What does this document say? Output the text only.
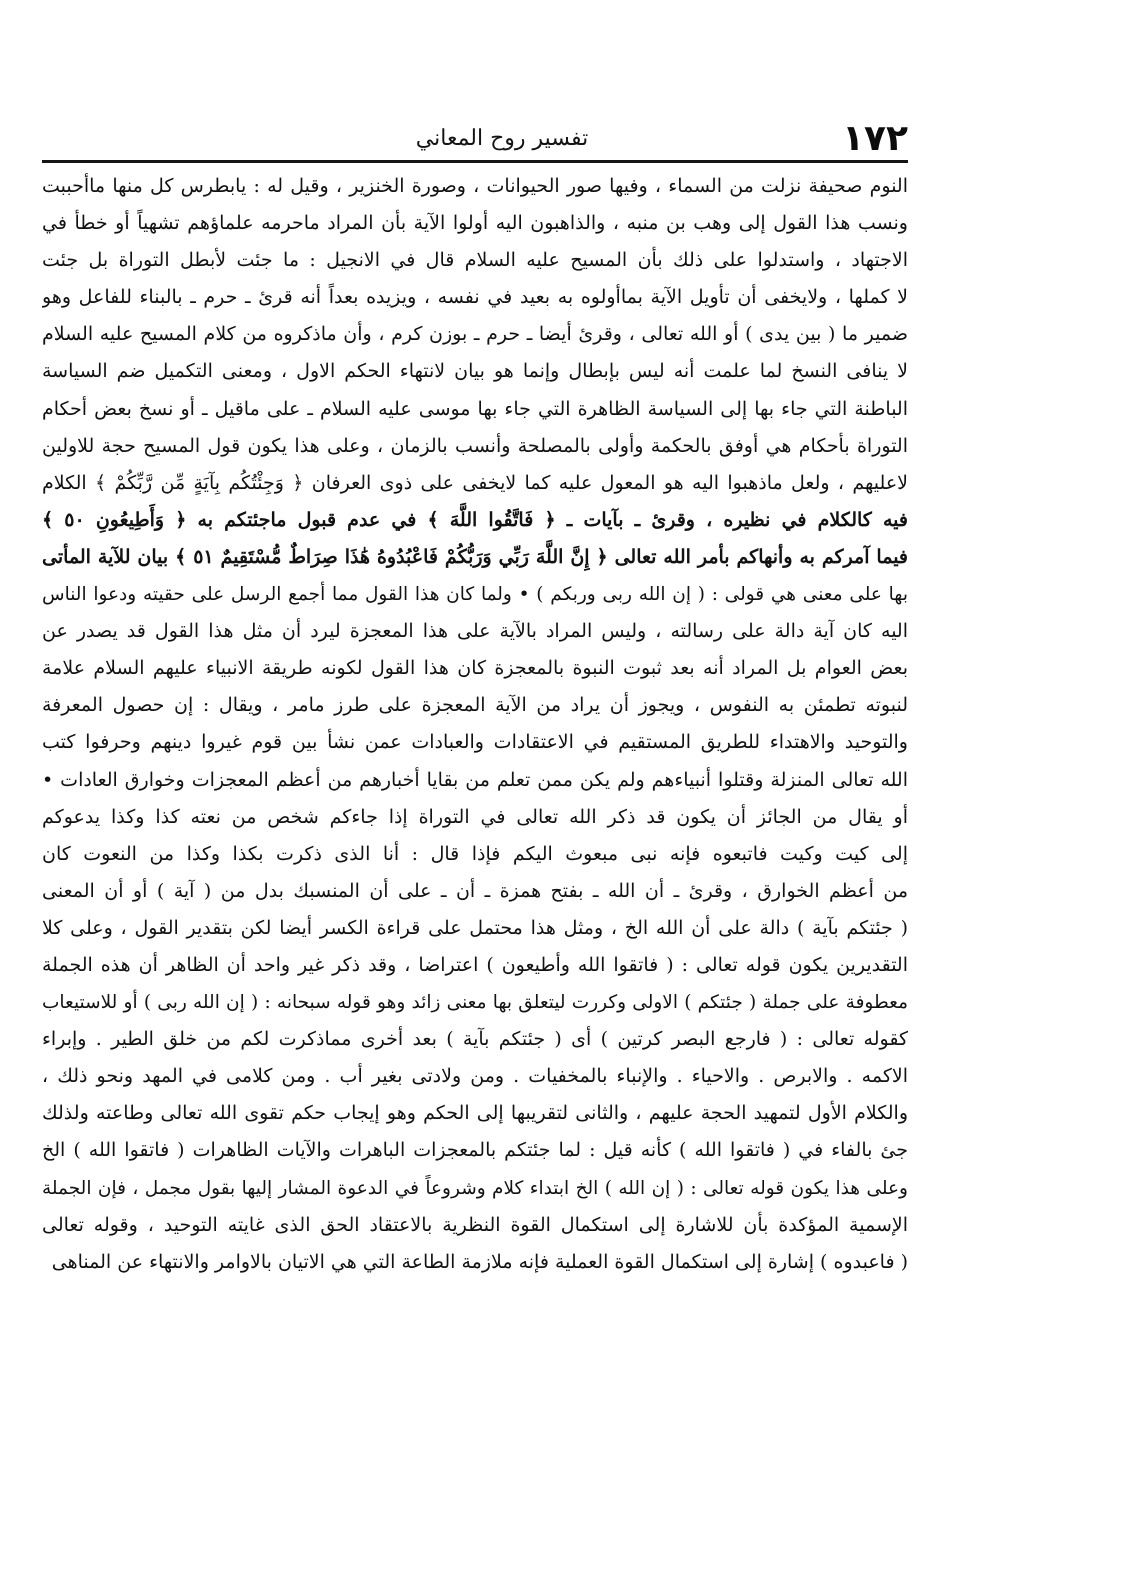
١٧٢
تفسير روح المعاني
النوم صحيفة نزلت من السماء ، وفيها صور الحيوانات ، وصورة الخنزير ، وقيل له : يابطرس كل منها ماأحببت
ونسب هذا القول إلى وهب بن منبه ، والذاهبون اليه أولوا الآية بأن المراد ماحرمه علماؤهم تشهياً أو خطأ في
الاجتهاد ، واستدلوا على ذلك بأن المسيح عليه السلام قال في الانجيل : ما جئت لأبطل التوراة بل جئت
لا كملها ، ولايخفى أن تأويل الآية بماأولوه به بعيد في نفسه ، ويزيده بعداً أنه قرئ ـ حرم ـ بالبناء للفاعل وهو
ضمير ما ( بين يدى ) أو الله تعالى ، وقرئ أيضا ـ حرم ـ بوزن كرم ، وأن ماذكروه من كلام المسيح عليه السلام
لا ينافى النسخ لما علمت أنه ليس بإبطال وإنما هو بيان لانتهاء الحكم الاول ، ومعنى التكميل ضم السياسة
الباطنة التي جاء بها إلى السياسة الظاهرة التي جاء بها موسى عليه السلام ـ على ماقيل ـ أو نسخ بعض أحكام
التوراة بأحكام هي أوفق بالحكمة وأولى بالمصلحة وأنسب بالزمان ، وعلى هذا يكون قول المسيح حجة للاولين
لاعليهم ، ولعل ماذهبوا اليه هو المعول عليه كما لايخفى على ذوى العرفان ﴿ وَجِئْتُكُم بِآيَةٍ مِّن رَّبِّكُمْ ﴾ الكلام
فيه كالكلام في نظيره ، وقرئ ـ بآيات ـ ﴿ فَاتَّقُوا اللَّهَ ﴾ في عدم قبول ماجئتكم به ﴿ وَأَطِيعُونِ ٥٠ ﴾
فيما آمركم به وأنهاكم بأمر الله تعالى ﴿ إِنَّ اللَّهَ رَبِّي وَرَبُّكُمْ فَاعْبُدُوهُ هَٰذَا صِرَاطٌ مُّسْتَقِيمٌ ٥١ ﴾ بيان للآية المأتى
بها على معنى هي قولى : ( إن الله ربى وربكم ) • ولما كان هذا القول مما أجمع الرسل على حقيته ودعوا الناس
اليه كان آية دالة على رسالته ، وليس المراد بالآية على هذا المعجزة ليرد أن مثل هذا القول قد يصدر عن
بعض العوام بل المراد أنه بعد ثبوت النبوة بالمعجزة كان هذا القول لكونه طريقة الانبياء عليهم السلام علامة
لنبوته تطمئن به النفوس ، ويجوز أن يراد من الآية المعجزة على طرز مامر ، ويقال : إن حصول المعرفة
والتوحيد والاهتداء للطريق المستقيم في الاعتقادات والعبادات عمن نشأ بين قوم غيروا دينهم وحرفوا كتب
الله تعالى المنزلة وقتلوا أنبياءهم ولم يكن ممن تعلم من بقايا أخبارهم من أعظم المعجزات وخوارق العادات •
أو يقال من الجائز أن يكون قد ذكر الله تعالى في التوراة إذا جاءكم شخص من نعته كذا وكذا يدعوكم
إلى كيت وكيت فاتبعوه فإنه نبى مبعوث اليكم فإذا قال : أنا الذى ذكرت بكذا وكذا من النعوت كان
من أعظم الخوارق ، وقرئ ـ أن الله ـ بفتح همزة ـ أن ـ على أن المنسبك بدل من ( آية ) أو أن المعنى
( جئتكم بآية ) دالة على أن الله الخ ، ومثل هذا محتمل على قراءة الكسر أيضا لكن بتقدير القول ، وعلى كلا
التقديرين يكون قوله تعالى : ( فاتقوا الله وأطيعون ) اعتراضا ، وقد ذكر غير واحد أن الظاهر أن هذه الجملة
معطوفة على جملة ( جئتكم ) الاولى وكررت ليتعلق بها معنى زائد وهو قوله سبحانه : ( إن الله ربى ) أو للاستيعاب
كقوله تعالى : ( فارجع البصر كرتين ) أى ( جئتكم بآية ) بعد أخرى مماذكرت لكم من خلق الطير . وإبراء
الاكمه . والابرص . والاحياء . والإنباء بالمخفيات . ومن ولادتى بغير أب . ومن كلامى في المهد ونحو ذلك ،
والكلام الأول لتمهيد الحجة عليهم ، والثانى لتقريبها إلى الحكم وهو إيجاب حكم تقوى الله تعالى وطاعته ولذلك
جئ بالفاء في ( فاتقوا الله ) كأنه قيل : لما جئتكم بالمعجزات الباهرات والآيات الظاهرات ( فاتقوا الله ) الخ
وعلى هذا يكون قوله تعالى : ( إن الله ) الخ ابتداء كلام وشروعاً في الدعوة المشار إليها بقول مجمل ، فإن الجملة
الإسمية المؤكدة بأن للاشارة إلى استكمال القوة النظرية بالاعتقاد الحق الذى غايته التوحيد ، وقوله تعالى
( فاعبدوه ) إشارة إلى استكمال القوة العملية فإنه ملازمة الطاعة التي هي الاتيان بالاوامر والانتهاء عن المناهى
